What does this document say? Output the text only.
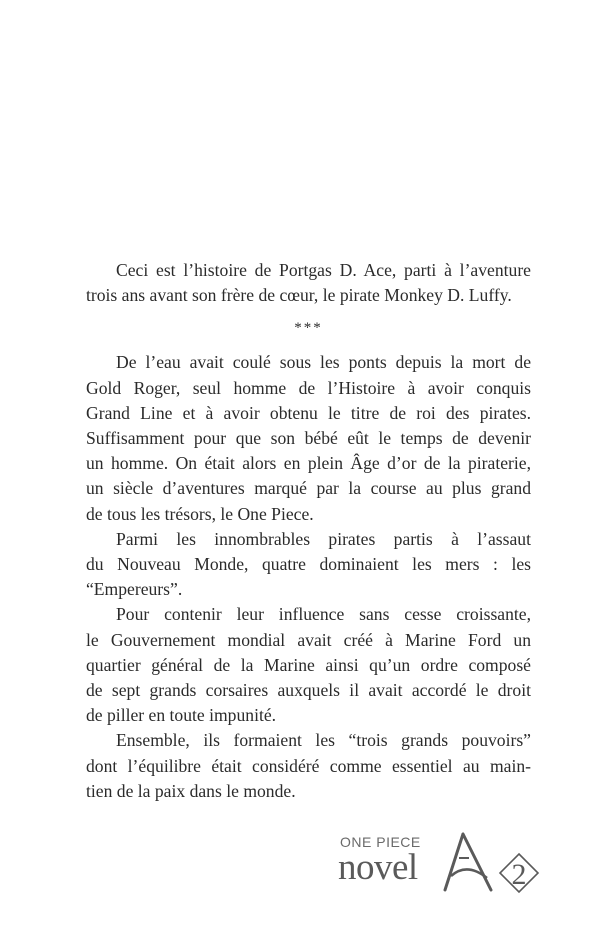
Ceci est l’histoire de Portgas D. Ace, parti à l’aventure
trois ans avant son frère de cœur, le pirate Monkey D. Luffy.
***
De l’eau avait coulé sous les ponts depuis la mort de
Gold Roger, seul homme de l’Histoire à avoir conquis
Grand Line et à avoir obtenu le titre de roi des pirates.
Suffisamment pour que son bébé eût le temps de devenir
un homme. On était alors en plein Âge d’or de la piraterie,
un siècle d’aventures marqué par la course au plus grand
de tous les trésors, le One Piece.
Parmi les innombrables pirates partis à l’assaut
du Nouveau Monde, quatre dominaient les mers : les
“Empereurs”.
Pour contenir leur influence sans cesse croissante,
le Gouvernement mondial avait créé à Marine Ford un
quartier général de la Marine ainsi qu’un ordre composé
de sept grands corsaires auxquels il avait accordé le droit
de piller en toute impunité.
Ensemble, ils formaient les “trois grands pouvoirs”
dont l’équilibre était considéré comme essentiel au main-
tien de la paix dans le monde.
ONE PIECE
novel	2
